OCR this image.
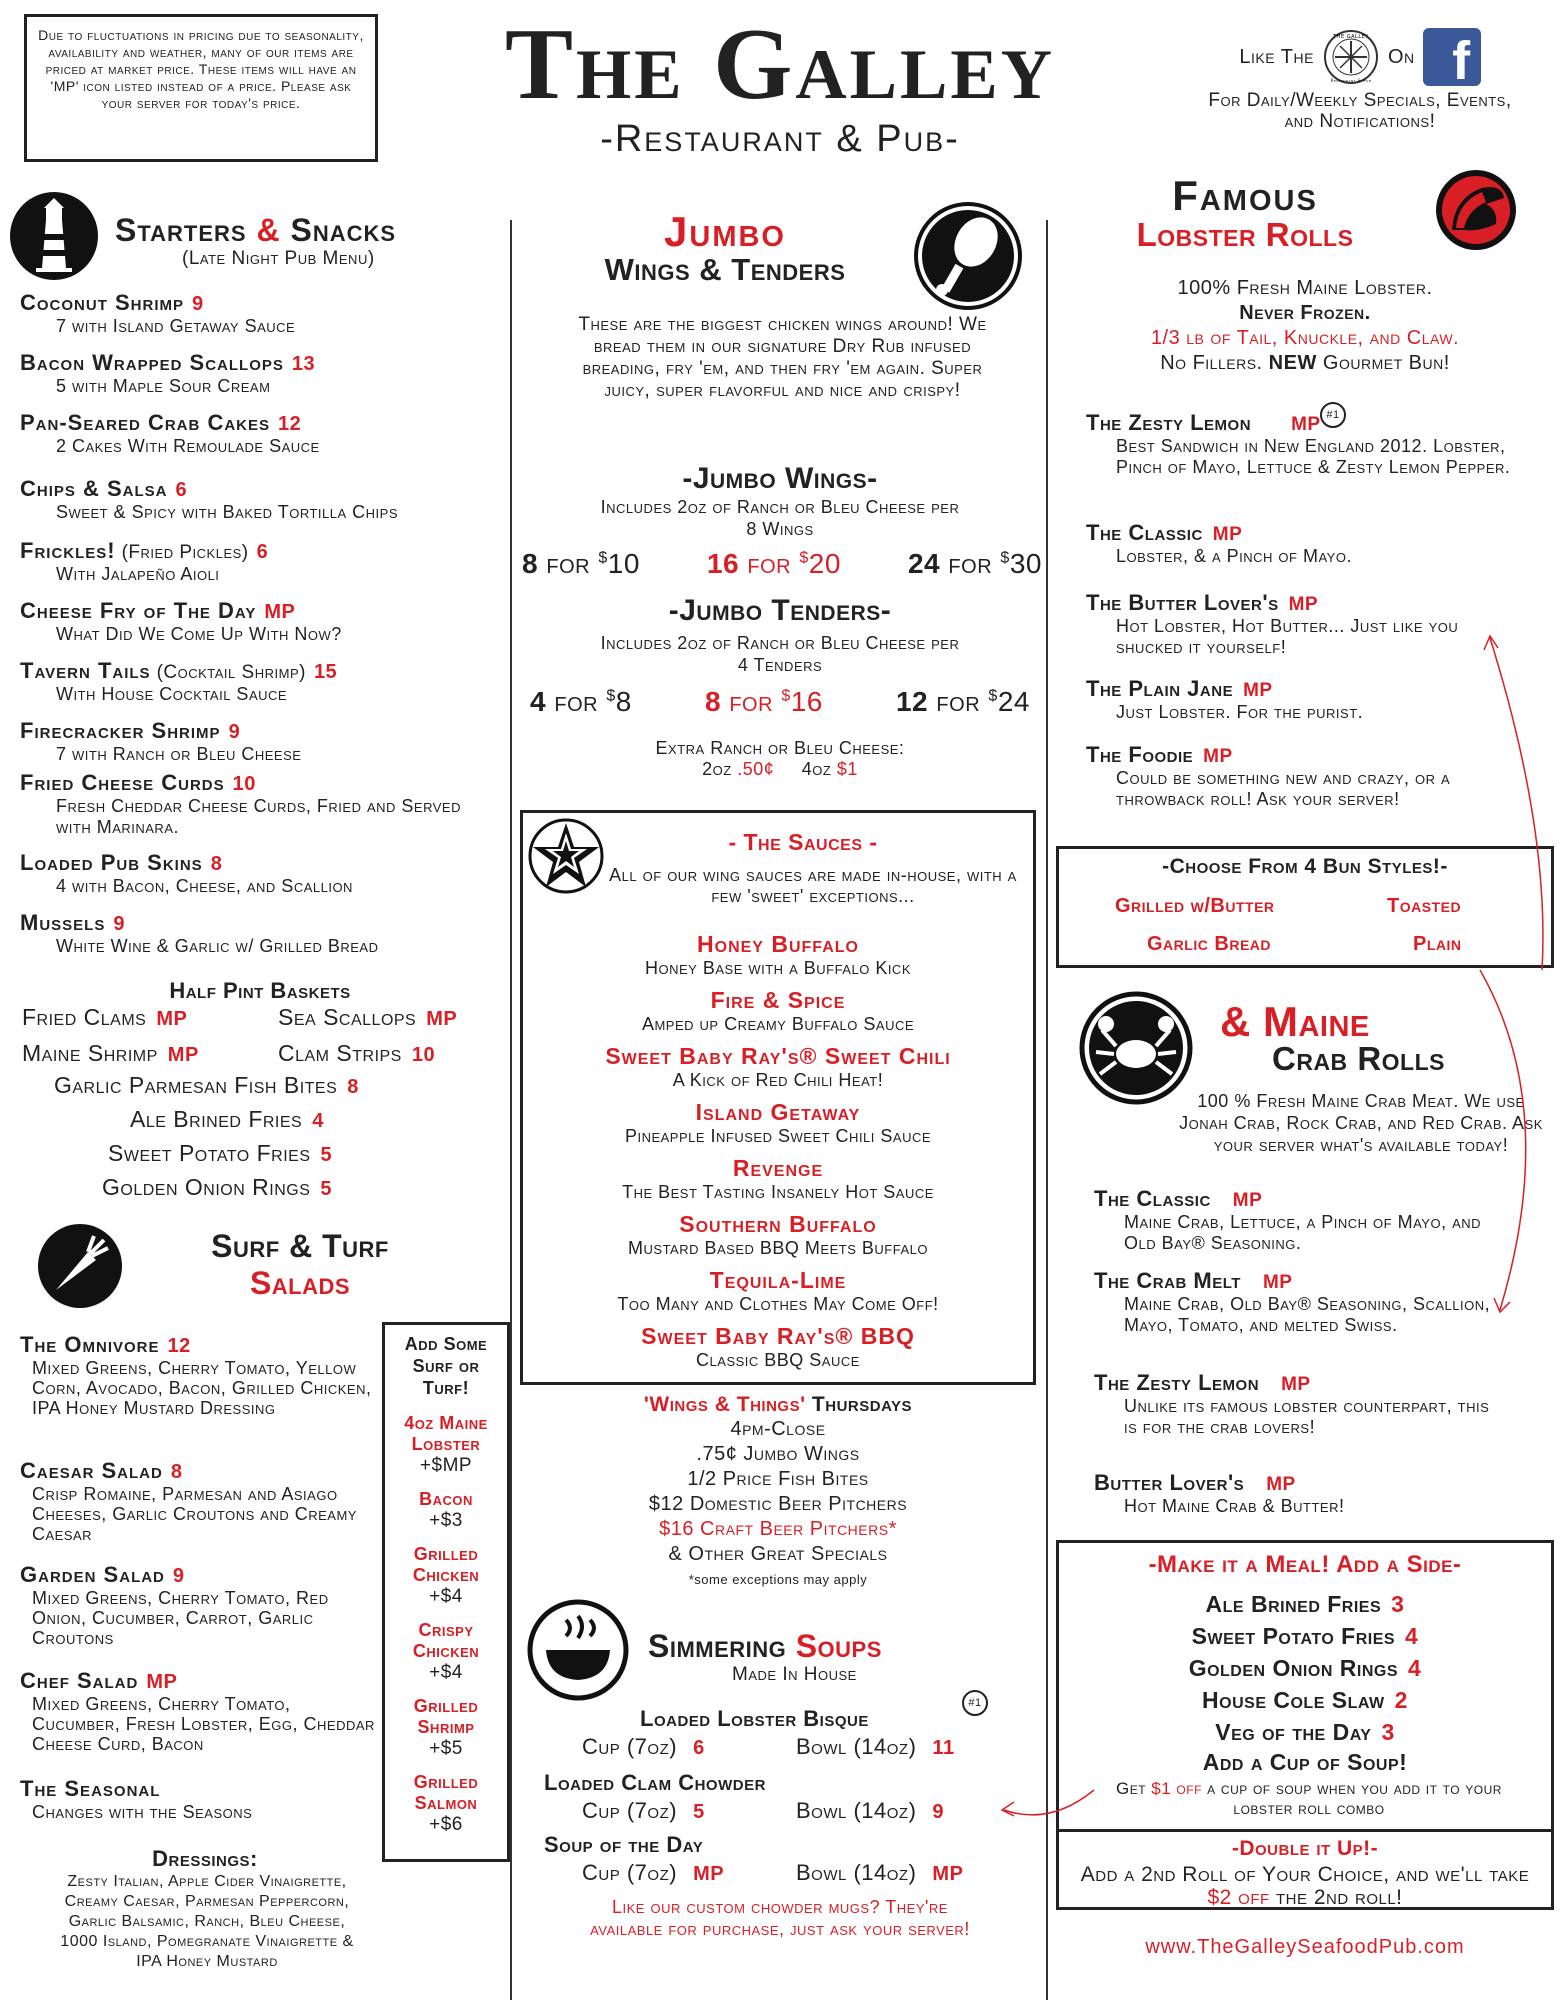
Due to fluctuations in pricing due to seasonality, availability and weather, many of our items are priced at market price. These items will have an 'MP' icon listed instead of a price. Please ask your server for today's price.	The Galley
-Restaurant & Pub-
Like The
THE GALLEY
Restaurant & Pub
On f
For Daily/Weekly Specials, Events, and Notifications!
Starters & Snacks
(Late Night Pub Menu)
Coconut Shrimp 9
7 with Island Getaway Sauce
Bacon Wrapped Scallops 13
5 with Maple Sour Cream
Pan-Seared Crab Cakes 12
2 Cakes With Remoulade Sauce
Chips & Salsa 6
Sweet & Spicy with Baked Tortilla Chips
Frickles! (Fried Pickles) 6
With Jalapeño Aioli
Cheese Fry of The Day MP
What Did We Come Up With Now?
Tavern Tails (Cocktail Shrimp) 15
With House Cocktail Sauce
Firecracker Shrimp 9
7 with Ranch or Bleu Cheese
Fried Cheese Curds 10
Fresh Cheddar Cheese Curds, Fried and Served with Marinara.
Loaded Pub Skins 8
4 with Bacon, Cheese, and Scallion
Mussels 9
White Wine & Garlic w/ Grilled Bread
Half Pint Baskets
Fried Clams MP	Sea Scallops MP
Maine Shrimp MP	Clam Strips 10
Garlic Parmesan Fish Bites 8
Ale Brined Fries 4
Sweet Potato Fries 5
Golden Onion Rings 5
Surf & Turf
Salads
The Omnivore 12
Mixed Greens, Cherry Tomato, Yellow Corn, Avocado, Bacon, Grilled Chicken, IPA Honey Mustard Dressing
Caesar Salad 8
Crisp Romaine, Parmesan and Asiago Cheeses, Garlic Croutons and Creamy Caesar
Garden Salad 9
Mixed Greens, Cherry Tomato, Red Onion, Cucumber, Carrot, Garlic Croutons
Chef Salad MP
Mixed Greens, Cherry Tomato, Cucumber, Fresh Lobster, Egg, Cheddar Cheese Curd, Bacon
The Seasonal
Changes with the Seasons
Dressings:
Zesty Italian, Apple Cider Vinaigrette, Creamy Caesar, Parmesan Peppercorn, Garlic Balsamic, Ranch, Bleu Cheese, 1000 Island, Pomegranate Vinaigrette & IPA Honey Mustard
Add Some Surf or Turf!
4oz Maine Lobster
+$MP
Bacon
+$3
Grilled Chicken
+$4
Crispy Chicken
+$4
Grilled Shrimp
+$5
Grilled Salmon
+$6
Jumbo
Wings & Tenders
These are the biggest chicken wings around! We bread them in our signature Dry Rub infused breading, fry 'em, and then fry 'em again. Super juicy, super flavorful and nice and crispy!
-Jumbo Wings-
Includes 2oz of Ranch or Bleu Cheese per 8 Wings
8 for $10 16 for $20 24 for $30
-Jumbo Tenders-
Includes 2oz of Ranch or Bleu Cheese per 4 Tenders
4 for $8	8 for $16	12 for $24
Extra Ranch or Bleu Cheese:
2oz .50¢ 4oz $1
- The Sauces -
All of our wing sauces are made in-house, with a few 'sweet' exceptions...
Honey Buffalo
Honey Base with a Buffalo Kick
Fire & Spice
Amped up Creamy Buffalo Sauce
Sweet Baby Ray's® Sweet Chili
A Kick of Red Chili Heat!
Island Getaway
Pineapple Infused Sweet Chili Sauce
Revenge
The Best Tasting Insanely Hot Sauce
Southern Buffalo
Mustard Based BBQ Meets Buffalo
Tequila-Lime
Too Many and Clothes May Come Off!
Sweet Baby Ray's® BBQ
Classic BBQ Sauce
'Wings & Things' Thursdays
4pm-Close
.75¢ Jumbo Wings
1/2 Price Fish Bites
$12 Domestic Beer Pitchers
$16 Craft Beer Pitchers*
& Other Great Specials
*some exceptions may apply
Simmering Soups
Made In House
Loaded Lobster Bisque
Cup (7oz) 6	Bowl (14oz) 11
Loaded Clam Chowder
Cup (7oz) 5	Bowl (14oz) 9
Soup of the Day
Cup (7oz) MP	Bowl (14oz) MP
#1
Like our custom chowder mugs? They're available for purchase, just ask your server!
Famous
Lobster Rolls
100% Fresh Maine Lobster.
Never Frozen.
1/3 lb of Tail, Knuckle, and Claw.
No Fillers. NEW Gourmet Bun!
#1
The Zesty Lemon MP
Best Sandwich in New England 2012. Lobster, Pinch of Mayo, Lettuce & Zesty Lemon Pepper.
The Classic MP
Lobster, & a Pinch of Mayo.
The Butter Lover's MP
Hot Lobster, Hot Butter... Just like you shucked it yourself!
The Plain Jane MP
Just Lobster. For the purist.
The Foodie MP
Could be something new and crazy, or a throwback roll! Ask your server!
-Choose From 4 Bun Styles!-
Grilled w/Butter	Toasted
Garlic Bread	Plain
& Maine
Crab Rolls
100 % Fresh Maine Crab Meat. We use Jonah Crab, Rock Crab, and Red Crab. Ask your server what's available today!
The Classic MP
Maine Crab, Lettuce, a Pinch of Mayo, and Old Bay® Seasoning.
The Crab Melt MP
Maine Crab, Old Bay® Seasoning, Scallion, Mayo, Tomato, and melted Swiss.
The Zesty Lemon MP
Unlike its famous lobster counterpart, this is for the crab lovers!
Butter Lover's MP
Hot Maine Crab & Butter!
-Make it a Meal! Add a Side-
Ale Brined Fries 3
Sweet Potato Fries 4
Golden Onion Rings 4
House Cole Slaw 2
Veg of the Day 3
Add a Cup of Soup!
Get $1 off a cup of soup when you add it to your lobster roll combo
-Double it Up!-
Add a 2nd Roll of Your Choice, and we'll take $2 off the 2nd roll!
www.TheGalleySeafoodPub.com
